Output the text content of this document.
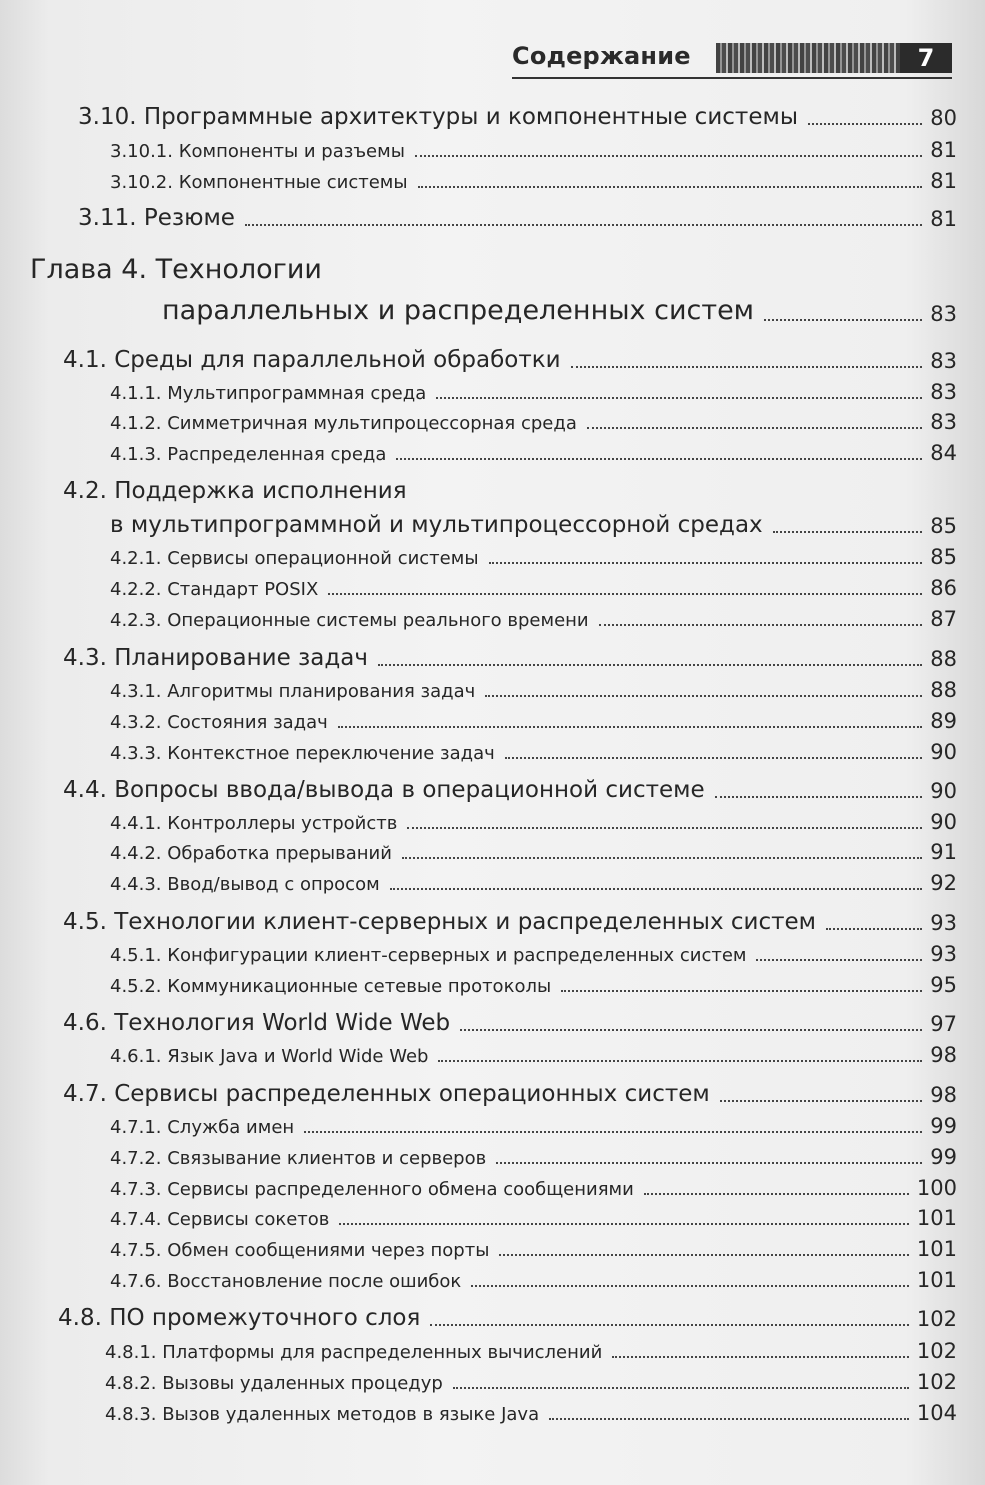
Содержание	7
3.10. Программные архитектуры и компонентные системы	80
3.10.1. Компоненты и разъемы	81
3.10.2. Компонентные системы	81
3.11. Резюме	81
Глава 4. Технологии
параллельных и распределенных систем	83
4.1. Среды для параллельной обработки	83
4.1.1. Мультипрограммная среда	83
4.1.2. Симметричная мультипроцессорная среда	83
4.1.3. Распределенная среда	84
4.2. Поддержка исполнения
в мультипрограммной и мультипроцессорной средах	85
4.2.1. Сервисы операционной системы	85
4.2.2. Стандарт POSIX	86
4.2.3. Операционные системы реального времени	87
4.3. Планирование задач	88
4.3.1. Алгоритмы планирования задач	88
4.3.2. Состояния задач	89
4.3.3. Контекстное переключение задач	90
4.4. Вопросы ввода/вывода в операционной системе	90
4.4.1. Контроллеры устройств	90
4.4.2. Обработка прерываний	91
4.4.3. Ввод/вывод с опросом	92
4.5. Технологии клиент-серверных и распределенных систем	93
4.5.1. Конфигурации клиент-серверных и распределенных систем	93
4.5.2. Коммуникационные сетевые протоколы	95
4.6. Технология World Wide Web	97
4.6.1. Язык Java и World Wide Web	98
4.7. Сервисы распределенных операционных систем	98
4.7.1. Служба имен	99
4.7.2. Связывание клиентов и серверов	99
4.7.3. Сервисы распределенного обмена сообщениями	100
4.7.4. Сервисы сокетов	101
4.7.5. Обмен сообщениями через порты	101
4.7.6. Восстановление после ошибок	101
4.8. ПО промежуточного слоя	102
4.8.1. Платформы для распределенных вычислений	102
4.8.2. Вызовы удаленных процедур	102
4.8.3. Вызов удаленных методов в языке Java	104
